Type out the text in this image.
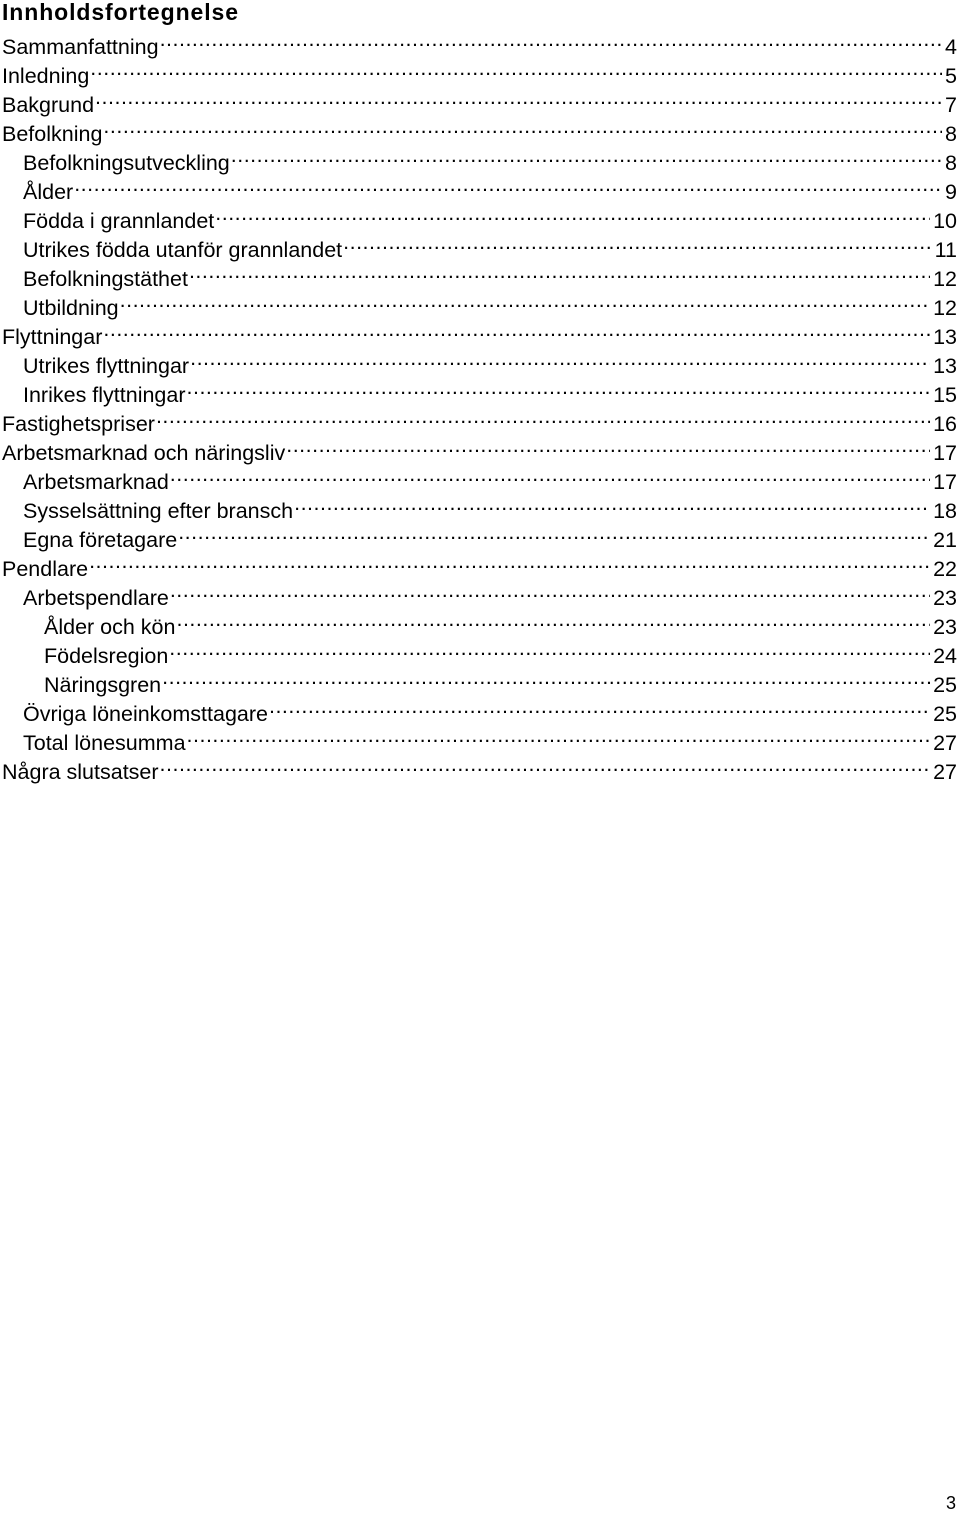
Innholdsfortegnelse
Sammanfattning .....	4
Inledning .....	5
Bakgrund .....	7
Befolkning .....	8
Befolkningsutveckling .....	8
Ålder .....	9
Födda i grannlandet .....	10
Utrikes födda utanför grannlandet .....	11
Befolkningstäthet .....	12
Utbildning .....	12
Flyttningar .....	13
Utrikes flyttningar .....	13
Inrikes flyttningar .....	15
Fastighetspriser .....	16
Arbetsmarknad och näringsliv .....	17
Arbetsmarknad .....	17
Sysselsättning efter bransch .....	18
Egna företagare .....	21
Pendlare .....	22
Arbetspendlare .....	23
Ålder och kön .....	23
Födelsregion .....	24
Näringsgren .....	25
Övriga löneinkomsttagare .....	25
Total lönesumma .....	27
Några slutsatser .....	27
3
